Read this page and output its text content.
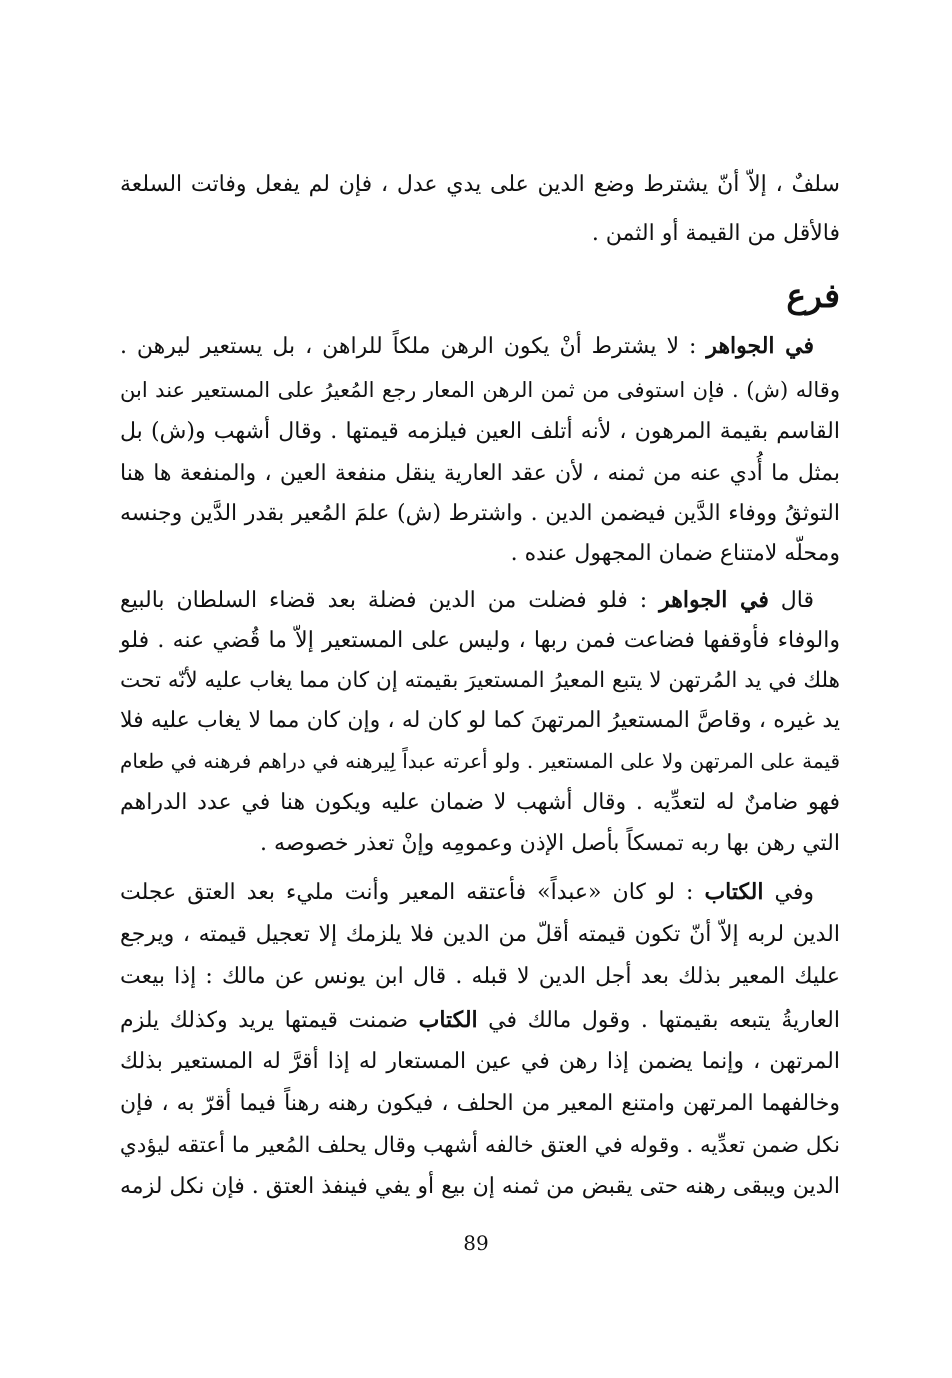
سلفٌ ، إلاّ أنّ يشترط وضع الدين على يدي عدل ، فإن لم يفعل وفاتت السلعة
فالأقل من القيمة أو الثمن .
فرع
في الجواهر : لا يشترط أنْ يكون الرهن ملكاً للراهن ، بل يستعير ليرهن .
وقاله (ش) . فإن استوفى من ثمن الرهن المعار رجع المُعيرُ على المستعير عند ابن
القاسم بقيمة المرهون ، لأنه أتلف العين فيلزمه قيمتها . وقال أشهب و(ش) بل
بمثل ما أُدي عنه من ثمنه ، لأن عقد العارية ينقل منفعة العين ، والمنفعة ها هنا
التوثقُ ووفاء الدَّين فيضمن الدين . واشترط (ش) علمَ المُعير بقدر الدَّين وجنسه
ومحلّه لامتناع ضمان المجهول عنده .
قال في الجواهر : فلو فضلت من الدين فضلة بعد قضاء السلطان بالبيع
والوفاء فأوقفها فضاعت فمن ربها ، وليس على المستعير إلاّ ما قُضي عنه . فلو
هلك في يد المُرتهن لا يتبع المعيرُ المستعيرَ بقيمته إن كان مما يغاب عليه لأنّه تحت
يد غيره ، وقاصَّ المستعيرُ المرتهنَ كما لو كان له ، وإن كان مما لا يغاب عليه فلا
قيمة على المرتهن ولا على المستعير . ولو أعرته عبداً لِيرهنه في دراهم فرهنه في طعام
فهو ضامنٌ له لتعدِّيه . وقال أشهب لا ضمان عليه ويكون هنا في عدد الدراهم
التي رهن بها ربه تمسكاً بأصل الإذن وعمومِه وإنْ تعذر خصوصه .
وفي الكتاب : لو كان «عبداً» فأعتقه المعير وأنت مليء بعد العتق عجلت
الدين لربه إلاّ أنّ تكون قيمته أقلّ من الدين فلا يلزمك إلا تعجيل قيمته ، ويرجع
عليك المعير بذلك بعد أجل الدين لا قبله . قال ابن يونس عن مالك : إذا بيعت
العاريةُ يتبعه بقيمتها . وقول مالك في الكتاب ضمنت قيمتها يريد وكذلك يلزم
المرتهن ، وإنما يضمن إذا رهن في عين المستعار له إذا أقرَّ له المستعير بذلك
وخالفهما المرتهن وامتنع المعير من الحلف ، فيكون رهنه رهناً فيما أقرّ به ، فإن
نكل ضمن تعدِّيه . وقوله في العتق خالفه أشهب وقال يحلف المُعير ما أعتقه ليؤدي
الدين ويبقى رهنه حتى يقبض من ثمنه إن بيع أو يفي فينفذ العتق . فإن نكل لزمه
89
